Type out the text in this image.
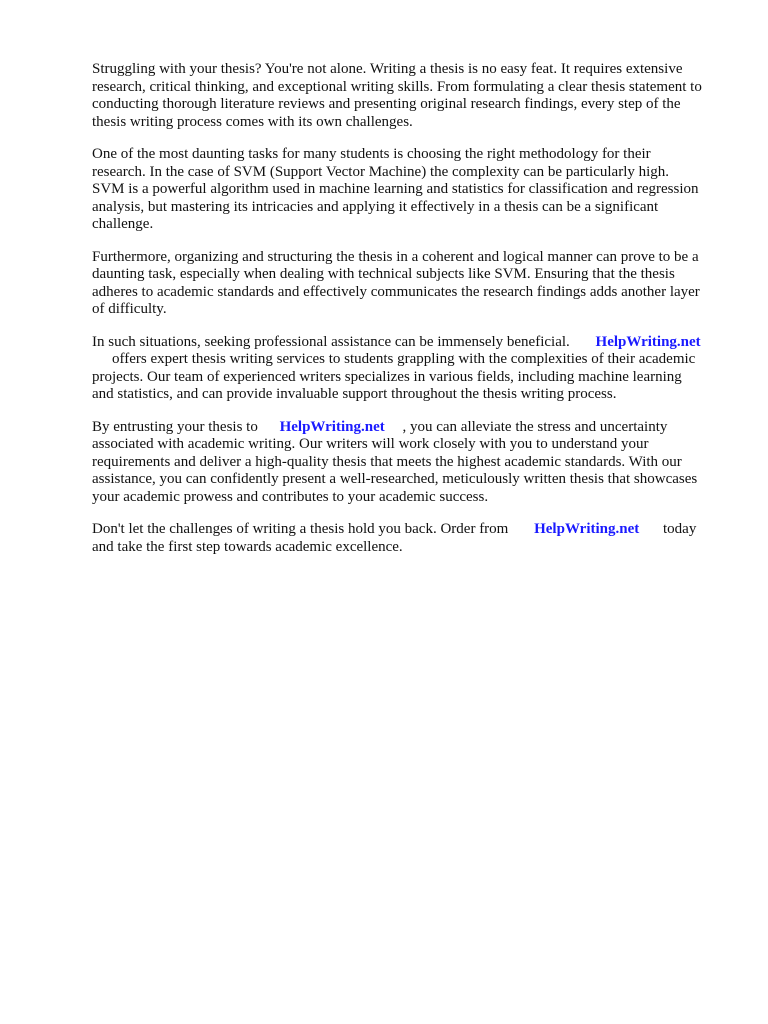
Struggling with your thesis? You're not alone. Writing a thesis is no easy feat. It requires extensive
research, critical thinking, and exceptional writing skills. From formulating a clear thesis statement to
conducting thorough literature reviews and presenting original research findings, every step of the
thesis writing process comes with its own challenges.

One of the most daunting tasks for many students is choosing the right methodology for their
research. In the case of SVM (Support Vector Machine) the complexity can be particularly high.
SVM is a powerful algorithm used in machine learning and statistics for classification and regression
analysis, but mastering its intricacies and applying it effectively in a thesis can be a significant
challenge.

Furthermore, organizing and structuring the thesis in a coherent and logical manner can prove to be a
daunting task, especially when dealing with technical subjects like SVM. Ensuring that the thesis
adheres to academic standards and effectively communicates the research findings adds another layer
of difficulty.

In such situations, seeking professional assistance can be immensely beneficial. HelpWriting.net
offers expert thesis writing services to students grappling with the complexities of their academic
projects. Our team of experienced writers specializes in various fields, including machine learning
and statistics, and can provide invaluable support throughout the thesis writing process.

By entrusting your thesis to HelpWriting.net , you can alleviate the stress and uncertainty
associated with academic writing. Our writers will work closely with you to understand your
requirements and deliver a high-quality thesis that meets the highest academic standards. With our
assistance, you can confidently present a well-researched, meticulously written thesis that showcases
your academic prowess and contributes to your academic success.

Don't let the challenges of writing a thesis hold you back. Order from HelpWriting.net today
and take the first step towards academic excellence.
